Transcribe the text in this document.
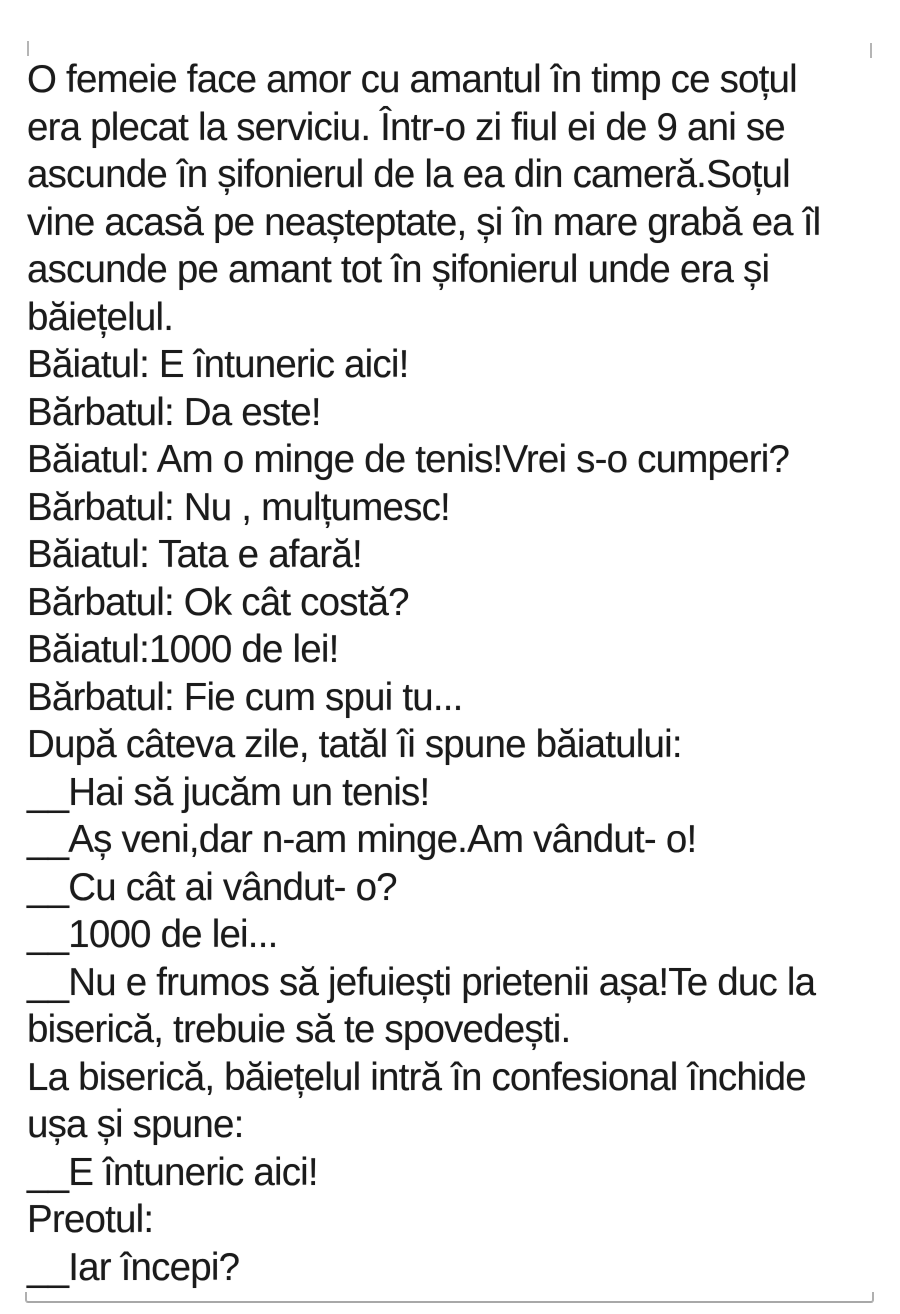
O femeie face amor cu amantul în timp ce soțul
era plecat la serviciu. Într-o zi fiul ei de 9 ani se
ascunde în șifonierul de la ea din cameră.Soțul
vine acasă pe neașteptate, și în mare grabă ea îl
ascunde pe amant tot în șifonierul unde era și
băiețelul.
Băiatul: E întuneric aici!
Bărbatul: Da este!
Băiatul: Am o minge de tenis!Vrei s-o cumperi?
Bărbatul: Nu , mulțumesc!
Băiatul: Tata e afară!
Bărbatul: Ok cât costă?
Băiatul:1000 de lei!
Bărbatul: Fie cum spui tu...
După câteva zile, tatăl îi spune băiatului:
__Hai să jucăm un tenis!
__Aș veni,dar n-am minge.Am vândut- o!
__Cu cât ai vândut- o?
__1000 de lei...
__Nu e frumos să jefuiești prietenii așa!Te duc la
biserică, trebuie să te spovedești.
La biserică, băiețelul intră în confesional închide
ușa și spune:
__E întuneric aici!
Preotul:
__Iar începi?
